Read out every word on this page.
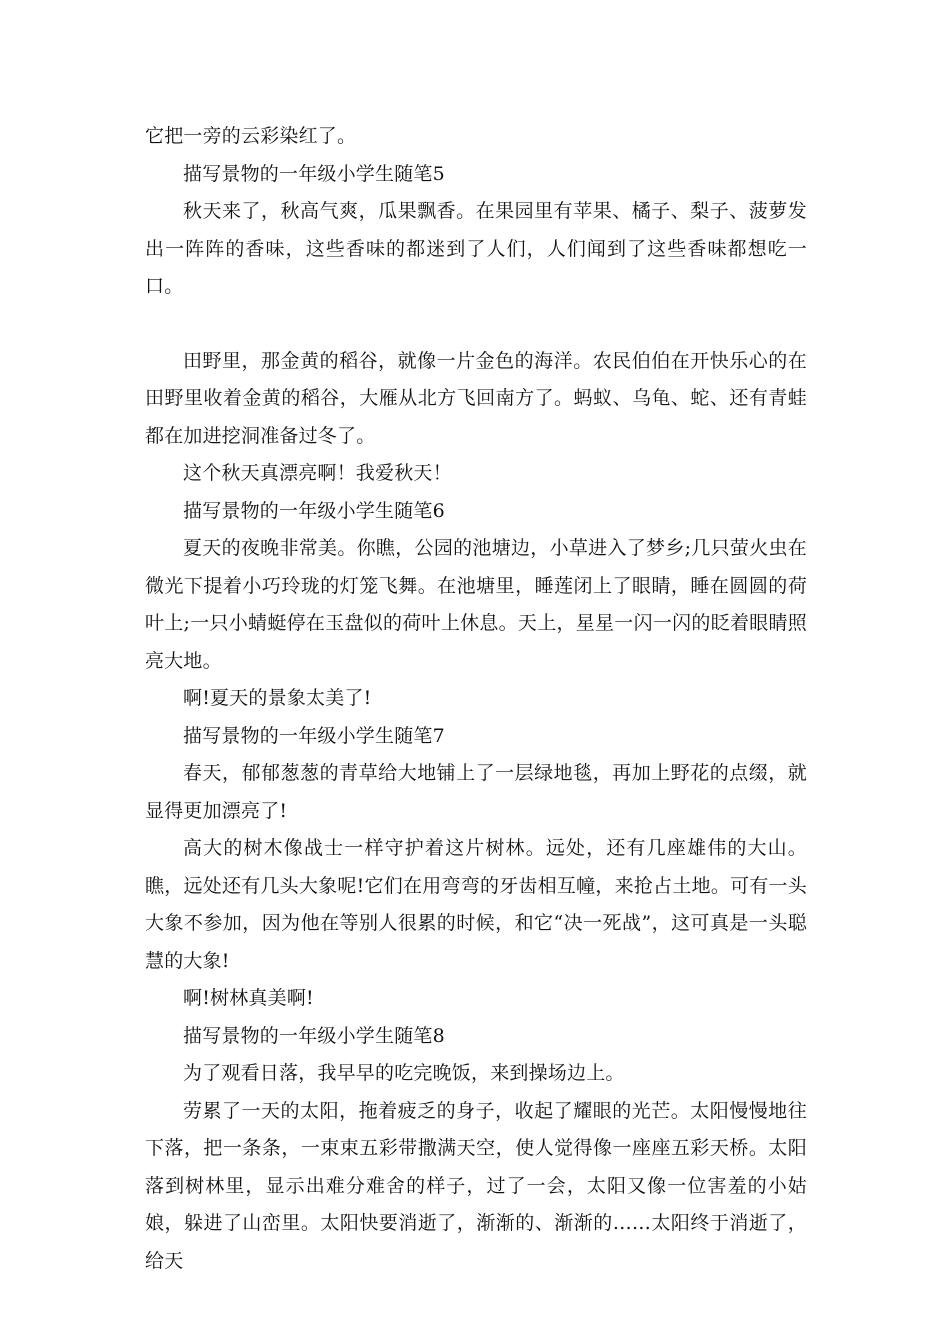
它把一旁的云彩染红了。

描写景物的一年级小学生随笔5

秋天来了，秋高气爽，瓜果飘香。在果园里有苹果、橘子、梨子、菠萝发出一阵阵的香味，这些香味的都迷到了人们，人们闻到了这些香味都想吃一口。

田野里，那金黄的稻谷，就像一片金色的海洋。农民伯伯在开快乐心的在田野里收着金黄的稻谷，大雁从北方飞回南方了。蚂蚁、乌龟、蛇、还有青蛙都在加进挖洞准备过冬了。

这个秋天真漂亮啊！我爱秋天！

描写景物的一年级小学生随笔6

夏天的夜晚非常美。你瞧，公园的池塘边，小草进入了梦乡;几只萤火虫在微光下提着小巧玲珑的灯笼飞舞。在池塘里，睡莲闭上了眼睛，睡在圆圆的荷叶上;一只小蜻蜓停在玉盘似的荷叶上休息。天上，星星一闪一闪的眨着眼睛照亮大地。

啊!夏天的景象太美了!

描写景物的一年级小学生随笔7

春天，郁郁葱葱的青草给大地铺上了一层绿地毯，再加上野花的点缀，就显得更加漂亮了!

高大的树木像战士一样守护着这片树林。远处，还有几座雄伟的大山。瞧，远处还有几头大象呢!它们在用弯弯的牙齿相互幢，来抢占土地。可有一头大象不参加，因为他在等别人很累的时候，和它“决一死战”，这可真是一头聪慧的大象!

啊!树林真美啊!

描写景物的一年级小学生随笔8

为了观看日落，我早早的吃完晚饭，来到操场边上。

劳累了一天的太阳，拖着疲乏的身子，收起了耀眼的光芒。太阳慢慢地往下落，把一条条，一束束五彩带撒满天空，使人觉得像一座座五彩天桥。太阳落到树林里，显示出难分难舍的样子，过了一会，太阳又像一位害羞的小姑娘，躲进了山峦里。太阳快要消逝了，渐渐的、渐渐的……太阳终于消逝了，给天
